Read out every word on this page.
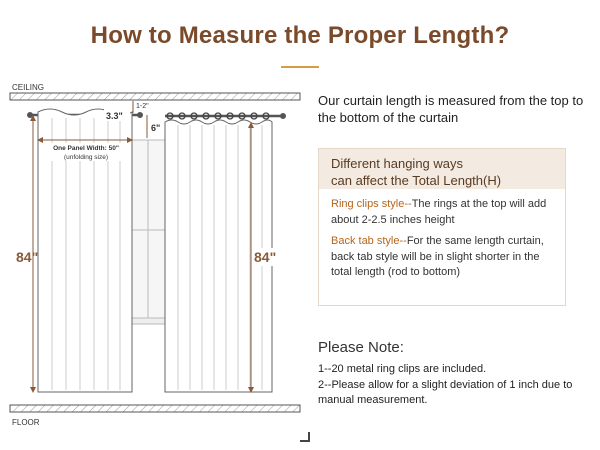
How to Measure the Proper Length?
CEILING
FLOOR
84"
One Panel Width: 50"
(unfolding size)
1-2"
3.3"
6"
84"
Our curtain length is measured from the top to the bottom of the curtain
Different hanging ways
can affect the Total Length(H)

Ring clips style--The rings at the top will add about 2-2.5 inches height

Back tab style--For the same length curtain, back tab style will be in slight shorter in the total length (rod to bottom)

Please Note:
1--20 metal ring clips are included.
2--Please allow for a slight deviation of 1 inch due to manual measurement.
